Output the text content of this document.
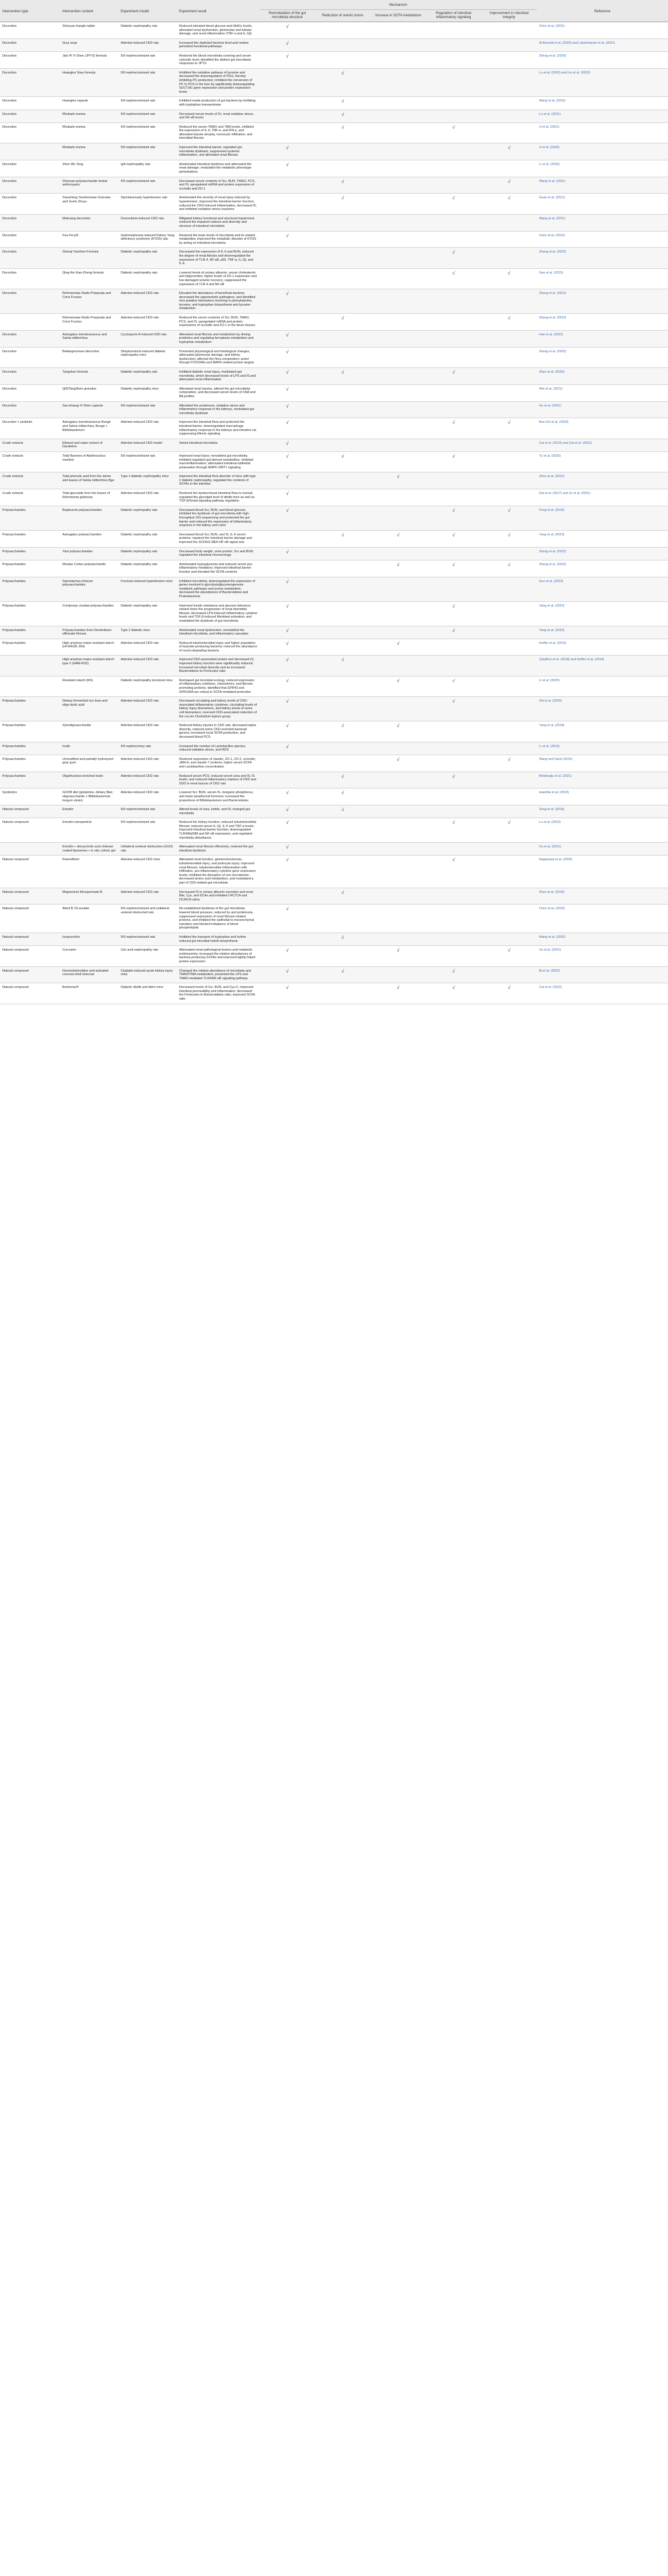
Intervention type	Intervention content	Experiment model	Experiment result	Mechanism					Reference
				Remodulation of the gut microbiota structure	Reduction of uremic toxins	Increase in SCFA metabolism	Regulation of intestinal inflammatory signaling	Improvement in intestinal integrity	
Decoction	Shenyan Kangfu tablet	Diabetic nephropathy rats	Reduced elevated blood glucose and HbA1c levels, alleviated renal dysfunction, glomerular and tubular damage, and renal inflammation (TNF-α and IL-1β)	√					Chen et al. (2021)
Decoction	Guyi soup	Adenine-induced CKD rats	Increased the depleted bacteria level and restore perturbed functional pathways	√					Al Amoudi et al. (2020) and Lakshmanan et al. (2021)
Decoction	Jian Pi Yi Shen (JPYS) formula	5/6 nephrectomized rats	Restored the blood microbiota covering and serum cytosolic level, identified the distinct gut microbiota responses to JPYS	√					Zheng et al. (2020)
Decoction	Huangkui Siwu formula	5/6 nephrectomized rats	Inhibited the oxidative pathway of tyrosine and decreased the downregulation of PGS, thereby inhibiting PC production; inhibited the conversion of PC to PCS in the liver by significantly downregulating SULT1A1 gene expression and protein expression levels		√				Lu et al. (2020) and Liu et al. (2023)
Decoction	Huangkui capsule	5/6 nephrectomized rats	Inhibited inside production of gut bacteria by inhibiting with tryptophan transaminase		√				Wang et al. (2023)
Decoction	Rhubarb enema	5/6 nephrectomized rats	Decreased serum levels of IS, renal oxidative stress, and NF-κB levels		√				Lu et al. (2021)
Decoction	Rhubarb enema	5/6 nephrectomized rats	Reduced the serum TMAO and TMA levels, inhibited the expression of IL-6, TNF-α, and IFN-γ, and alleviated tubular atrophy, monocyte infiltration, and interstitial fibrosis		√		√		Ji et al. (2021)
	Rhubarb enema	5/6 nephrectomized rats	Improved the intestinal barrier, regulated gut microbiota dysbiosis, suppressed systemic inflammation, and alleviated renal fibrosis	√				√	Ji et al. (2020)
Decoction	Zhen Wu Tang	IgA nephropathy rats	Ameliorated intestinal dysbiosis and attenuated the renal damage; modulated the metabolic phenotype perturbations	√					Li et al. (2020)
Decoction	Shenyan polysaccharide herbal anthocyanin	5/6 nephrectomized rats	Decreased serum contents of Scr, BUN, TMAO, PCS, and IS; upregulated mRNA and protein expression of occludin and ZO-1		√			√	Wang et al. (2021)
Decoction	Xiaozheng Yaoshenxiao Granules and Xuefu Zhuyu	Spontaneously hypertensive rats	Ameliorated the severity of renal injury induced by hypertension, improved the intestinal barrier function, reduced the CKD-induced inflammation, decreased IS, and inhibited oxidative stress reactions		√		√	√	Guan et al. (2021)
Decoction	Mahuang decoction	Doxorubicin-induced CKD rats	Mitigated kidney functional and structural impairment, restored the impaired cultures and diversity and structure of intestinal microbiota	√					Wang et al. (2021)
Decoction	Fuo Fei pill	Hydronephrosis-induced Kidney Yang deficiency syndrome (KYDS) rats	Restored the brain levels of microbiota and its related metabolites; improved the metabolic disorder of KYDS by acting on intestinal microbiota	√					Chen et al. (2016)
Decoction	Shenqi Yanshen Formula	Diabetic nephropathy rats	Decreased the expression of IL-6 and BUN, reduced the degree of renal fibrosis and downregulated the expression of TLR-4, NF-κB, p65, TNF-α, IL-1β, and IL-6				√		Zhang et al. (2022)
Decoction	Qing-Re-Xiao-Zheng formula	Diabetic nephropathy rats	Lowered levels of urinary albumin, serum cholesterols and triglycerides; higher levels of ZO-1 expression and low-damaged volume recovery; suppressed the expression of TLR-4 and NF-κB				√	√	Gao et al. (2023)
Decoction	Rehmanniae Radix Preparata and Corni Fructus	Adenine-induced CKD rats	Elevated the abundance of beneficial bacteria; decreased the opportunistic pathogens; and identified nine putative biomarkers involving in phenylalanine, tyrosine, and tryptophan biosynthesis and tyrosine metabolism	√					Zhang et al. (2021)
	Rehmanniae Radix Preparata and Corni Fructus	Adenine-induced CKD rats	Reduced the serum contents of Scr, BUN, TMAO, PCS, and IS, upregulated mRNA and protein expressions of occludin and ZO-1 in the ileum tissues		√			√	Zhang et al. (2023)
Decoction	Astragalus membranaceus and Salvia miltiorrhiza	Cyclosporin A-induced CKD rats	Alleviated renal fibrosis and metabolism by driving probiotics and regulating ferroptosis metabolism and tryptophan metabolism	√					Han et al. (2022)
Decoction	Bekkegeumsan decoction	Streptozotocin-induced diabetic nephropathy mice	Prevented physiological and histological changes; attenuated glomerular damage, and kidney dysfunction; affected the flora composition; acted through FOXO/Akt and MAPK-related protein targets	√					Zhang et al. (2022)
Decoction	Tangshen formula	Diabetic nephropathy rats	Inhibited diabetic renal injury, modulated gut microbiota, which decreased levels of LPS and IS and attenuated renal inflammation	√	√		√		Zhao et al. (2020)
Decoction	QiDiTangShen granules	Diabetic nephropathy mice	Alleviated renal injuries, altered the gut microbiota composition, and decreased serum levels of CNA and BA profiles	√					Wei et al. (2021)
Decoction	San-Huang-Yi-Shen capsule	5/6 nephrectomized rats	Alleviated the proteinuria, oxidative stress and inflammatory response in the kidneys, modulated gut microbiota dysbiosis	√					Hu et al. (2021)
Decoction + probiotic	Astragalus membranaceus Bunge and Salvia miltiorrhiza, Bunge + Bifidobacterium	Adenine-induced CKD rats	Improved the intestinal flora and protected the intestinal barrier; downregulated macrophage inflammatory response in the kidneys and intestine via suppressing Mincle signaling	√			√	√	Ban Chi et al. (2020)
Crude extracts	Ethanol and water extract of Dandelion	Adenine-induced CKD model	Varied intestinal microbiota	√					Cai et al. (2019) and Cai et al. (2021)
Crude extracts	Total flavones of Abelmoschus manihot	5/6 nephrectomized rats	Improved renal injury; remodeled gut microbiota; inhibited regulated gut-derived metabolites; inhibited macroinflammation; attenuated intestinal epithelial polarization through AMPK-SIRT1 signaling	√	√		√		Tu et al. (2020)
Crude extracts	Total phenolic acid from the stems and leaves of Salvia miltiorrhiza Bge	Type 2 diabetic nephropathy mice	Improved the intestinal flora disorder of mice with type 2 diabetic nephropathy, regulated the contents of SCFAs in the intestine	√		√			Zhou et al. (2021)
Crude extracts	Total glycoside from the leaves of Rehmannia glutinosa	Adenine-induced CKD rats	Restored the dysfunctional intestinal flora to normal; regulated the glycolipid level of db/db mice as well as TGF-β/Smad signaling pathway regulation	√					Dai et al. (2017) and Ju et al. (2021)
Polysaccharides	Bupleurum polysaccharides	Diabetic nephropathy rats	Decreased blood Scr, BUN, and blood glucose, inhibited the dysbiosis of gut microbiota with high-throughput 16S sequencing and protected the gut barrier and reduced the expression of inflammatory response in the kidney and colon	√			√	√	Feng et al. (2019)
Polysaccharides	Astragalus polysaccharides	Diabetic nephropathy rats	Decreased blood Scr, BUN, and IS, IL-6 serum proteins; repaired the intestinal barrier damage and improved the SCFA/G-MEK-NF-κB signal axis		√	√	√	√	Yang et al. (2023)
Polysaccharides	Yam polysaccharides	Diabetic nephropathy rats	Decreased body weight, urine protein, Scr and BUN; regulated the intestinal microecology	√					Zhang et al. (2022)
Polysaccharides	Moutan Cortex polysaccharide	Diabetic nephropathy rats	Ameliorated hyperglycemia and reduced serum pro-inflammatory mediators; improved intestinal barrier function and elevated the SCFA contents			√	√	√	Zhang et al. (2022)
Polysaccharides	Spirostachys infusum polysaccharides	Fructose-induced hypertension mice	Inhibited microbiota; downregulated the expression of genes involved in glycolysis/gluconeogenesis metabolic pathways and purine metabolism; decreased the abundances of Bacteroidetes and Proteobacteria	√					Guo et al. (2023)
Polysaccharides	Cordyceps cicadae polysaccharides	Diabetic nephropathy rats	Improved insulin resistance and glucose tolerance; slowed down the progression of renal interstitial fibrosis; decreased LPS-induced inflammatory cytokine levels and TGF-β-induced fibroblast activation; and modulated the dysbiosis of gut microbiota	√			√		Yang et al. (2022)
Polysaccharides	Polysaccharides from Dendrobium officinale Kimura	Type 2 diabetic mice	Ameliorated renal dysfunction; remodelled the intestinal microbiota, and inflammatory cascades	√			√		Yang et al. (2020)
Polysaccharides	High-amylose maize resistant starch (HI-MAIZE 260)	Adenine-induced CKD rats	Reduced tubulointerstitial injury and higher population of butyrate-producing bacteria; reduced the abundance of mucin-degrading bacteria	√		√			Kieffer et al. (2016)
	High-amylose maize resistant starch type 2 (HAM-RS2)	Adenine-induced CKD rats	Improved CKD-associated protein and decreased IS; improved kidney function were significantly reduced; increased microbial diversity and an increased Bacteroidetes-to-Firmicutes ratio	√	√				Zybylkov et al. (2018) and Kieffer et al. (2016)
	Resistant starch (RS)	Diabetic nephropathy knockout mice	Reshaped gut microbial ecology, reduced expression of inflammatory cytokines, chemokines, and fibrosis-promoting proteins; identified that GPR43 and GPR109A are critical to SCFA-mediated protection	√		√	√		Li et al. (2020)
Polysaccharides	Dietary fermented rice bran and oligo-lactic acid	Adenine-induced CKD rats	Decreased circulating and kidney levels of CKD-associated inflammatory cytokines, circulating levels of kidney injury biomarkers, and kidney levels of some cell biomarkers; reversed CKD-associated reduction of the cecum Clostridium leptum group	√			√		Shi et al. (2020)
Polysaccharides	Xylooligosaccharide	Adenine-induced CKD rats	Reduced kidney injuries in CKD rats; decreased alpha diversity, reduced some CKD-enriched bacterial genera, increased cecal SCFA production, and decreased blood PCS	√	√	√			Yang et al. (2018)
Polysaccharides	Inulin	5/6 nephrectomy rats	Increased the number of Lactobacillus species, reduced oxidative stress, and ROS	√					Li et al. (2019)
Polysaccharides	Unmodified and partially hydrolyzed guar gum	Adenine-induced CKD rats	Restored expression of claudin, ZO-1, ZO-2, occludin, JAM-A, and claudin 7 proteins; higher serum SCFA and Lactobacillus concentration			√		√	Wang and Vaziri (2019)
Polysaccharides	Oligofructose-enriched inulin	Adenine-induced CKD rats	Reduced serum PCS; reduced serum urea and IS; IS levels; and reduced inflammatory markers of CKD and SOD in renal tissues of CKD rats		√		√		Melekoglu et al. (2021)
Synbiotics	GOOB diet (glutamine, dietary fiber, oligosaccharide + Bifidobacterium longum strain)	Adenine-induced CKD rats	Lowered Scr, BUN, serum IS, inorganic phosphorus, and lower parathyroid hormone; increased the proportions of Bifidobacterium and Bacteroidetes	√	√				Iwashita et al. (2018)
Natural compound	Emodin	5/6 nephrectomized rats	Altered levels of urea, indole, and IS; changed gut microbiota	√	√				Zeng et al. (2016)
Natural compound	Emodin nanoparticle	5/6 nephrectomized rats	Reduced the kidney function, reduced tubulointerstitial fibrosis; reduced serum IL-1β, IL-6 and TNF-α levels; improved intestinal barrier function; downregulated TLR4/MyD88 and NF-κB expression; and regulated microbiota disturbance	√			√	√	Lu et al. (2023)
	Emodin + deoxycholic acid chitosan coated liposomes + in situ colonic gel	Unilateral ureteral obstruction (UUO) rats	Attenuated renal fibrosis effectively; restored the gut intestinal dysbiosis	√					Xu et al. (2021)
Natural compound	Paeoniflorin	Adenine-induced CKD mice	Alleviated renal function, glomerulosclerosis, tubulointerstitial injury, and podocyte injury; improved renal fibrosis; tubulointerstitial inflammation with infiltration, pro-inflammatory cytokine gene expression levels; inhibited the disruption of non-microbiome; decreased amino acid metabolism, and modulated a part of CKD-related gut microbiota	√			√		Nagasawa et al. (2020)
Natural compound	Magnesium lithospermate B	Adenine-induced CKD rats	Decreased IS in urinary albumin excretion and renal Bile, Cys, and DCAs and inhibited C4CTCA and DCA/CA ratios		√				Zhao et al. (2019)
Natural compound	Alisol B 23-acetate	5/6 nephrectomized and unilateral ureteral obstructed rats	Re-established dysbiosis of the gut microbiota, lowered blood pressure, reduced by and proteinuria, suppressed expression of renal fibrosis-related proteins, and inhibited the epithelial-to-mesenchymal transition and blocked imbalance of blood phospholipids	√					Chen et al. (2020)
Natural compound	Isoquercitrin	5/6 nephrectomized rats	Inhibited the transport of tryptophan and further reduced gut microbial indole biosynthesis		√				Wang et al. (2020)
Natural compound	Curcumin	Uric acid nephropathy rats	Attenuated renal pathological lesions and metabolic endotoxemia; increased the relative abundances of bacteria producing SCFAs and improved tightly linked protein expression	√		√		√	Xu et al. (2021)
Natural compound	Dexmedetomidine and activated coconut shell charcoal	Cisplatin-induced acute kidney injury mice	Changed the relative abundance of microbiota and TMAO/TMA metabolism; prevented the LPS and TMAO-mediated TLR4/NF-κB signaling pathway	√	√		√		Bi et al. (2022)
Natural compound	Berberine®	Diabetic db/db and db/m mice	Decreased levels of Scr, BUN, and Cys-C; improved intestinal permeability and inflammation; decreased the Firmicutes-to-Bacteroidetes ratio; improved SCFA ratio	√		√	√	√	Cai et al. (2022)
